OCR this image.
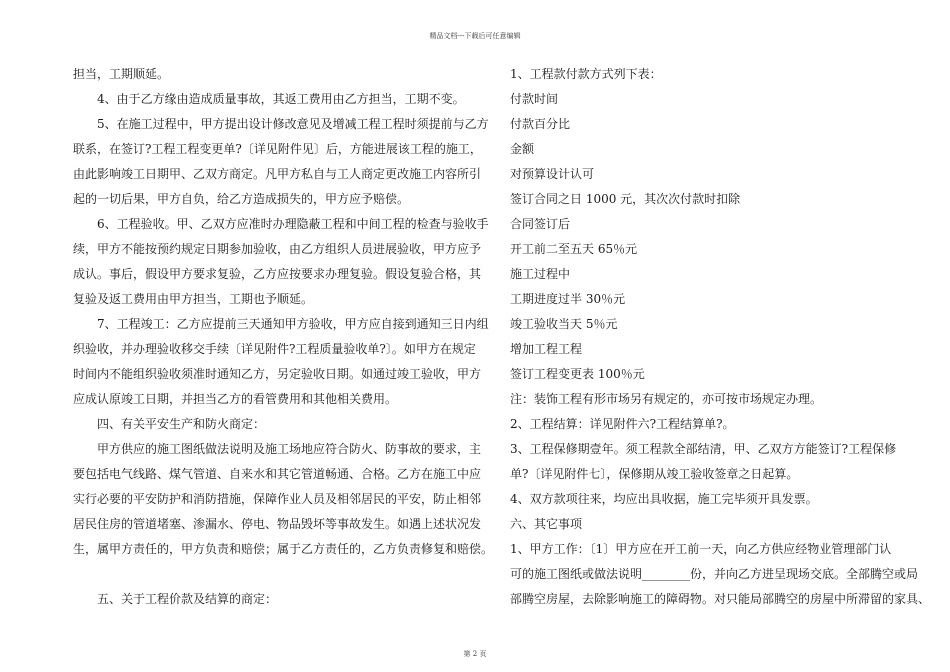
精品文档---下载后可任意编辑
担当，工期顺延。
4、由于乙方缘由造成质量事故，其返工费用由乙方担当，工期不变。
5、在施工过程中，甲方提出设计修改意见及增减工程工程时须提前与乙方
联系，在签订?工程工程变更单?〔详见附件见〕后，方能进展该工程的施工，
由此影响竣工日期甲、乙双方商定。凡甲方私自与工人商定更改施工内容所引
起的一切后果，甲方自负，给乙方造成损失的，甲方应予赔偿。
6、工程验收。甲、乙双方应准时办理隐蔽工程和中间工程的检查与验收手
续，甲方不能按预约规定日期参加验收，由乙方组织人员进展验收，甲方应予
成认。事后，假设甲方要求复验，乙方应按要求办理复验。假设复验合格，其
复验及返工费用由甲方担当，工期也予顺延。
7、工程竣工：乙方应提前三天通知甲方验收，甲方应自接到通知三日内组
织验收，并办理验收移交手续〔详见附件?工程质量验收单?〕。如甲方在规定
时间内不能组织验收须准时通知乙方，另定验收日期。如通过竣工验收，甲方
应成认原竣工日期，并担当乙方的看管费用和其他相关费用。
四、有关平安生产和防火商定：
甲方供应的施工图纸做法说明及施工场地应符合防火、防事故的要求，主
要包括电气线路、煤气管道、自来水和其它管道畅通、合格。乙方在施工中应
实行必要的平安防护和消防措施，保障作业人员及相邻居民的平安，防止相邻
居民住房的管道堵塞、渗漏水、停电、物品毁坏等事故发生。如遇上述状况发
生，属甲方责任的，甲方负责和赔偿；属于乙方责任的，乙方负责修复和赔偿。
五、关于工程价款及结算的商定：
1、工程款付款方式列下表：
付款时间
付款百分比
金额
对预算设计认可
签订合同之日 1000 元，其次次付款时扣除
合同签订后
开工前二至五天 65％元
施工过程中
工期进度过半 30％元
竣工验收当天 5％元
增加工程工程
签订工程变更表 100％元
注：装饰工程有形市场另有规定的，亦可按市场规定办理。
2、工程结算：详见附件六?工程结算单?。
3、工程保修期壹年。须工程款全部结清，甲、乙双方方能签订?工程保修
单?〔详见附件七〕，保修期从竣工验收签章之日起算。
4、双方款项往来，均应出具收据，施工完毕须开具发票。
六、其它事项
1、甲方工作：〔1〕甲方应在开工前一天，向乙方供应经物业管理部门认
可的施工图纸或做法说明________份，并向乙方进呈现场交底。全部腾空或局
部腾空房屋，去除影响施工的障碍物。对只能局部腾空的房屋中所滞留的家具、
第 2 页
